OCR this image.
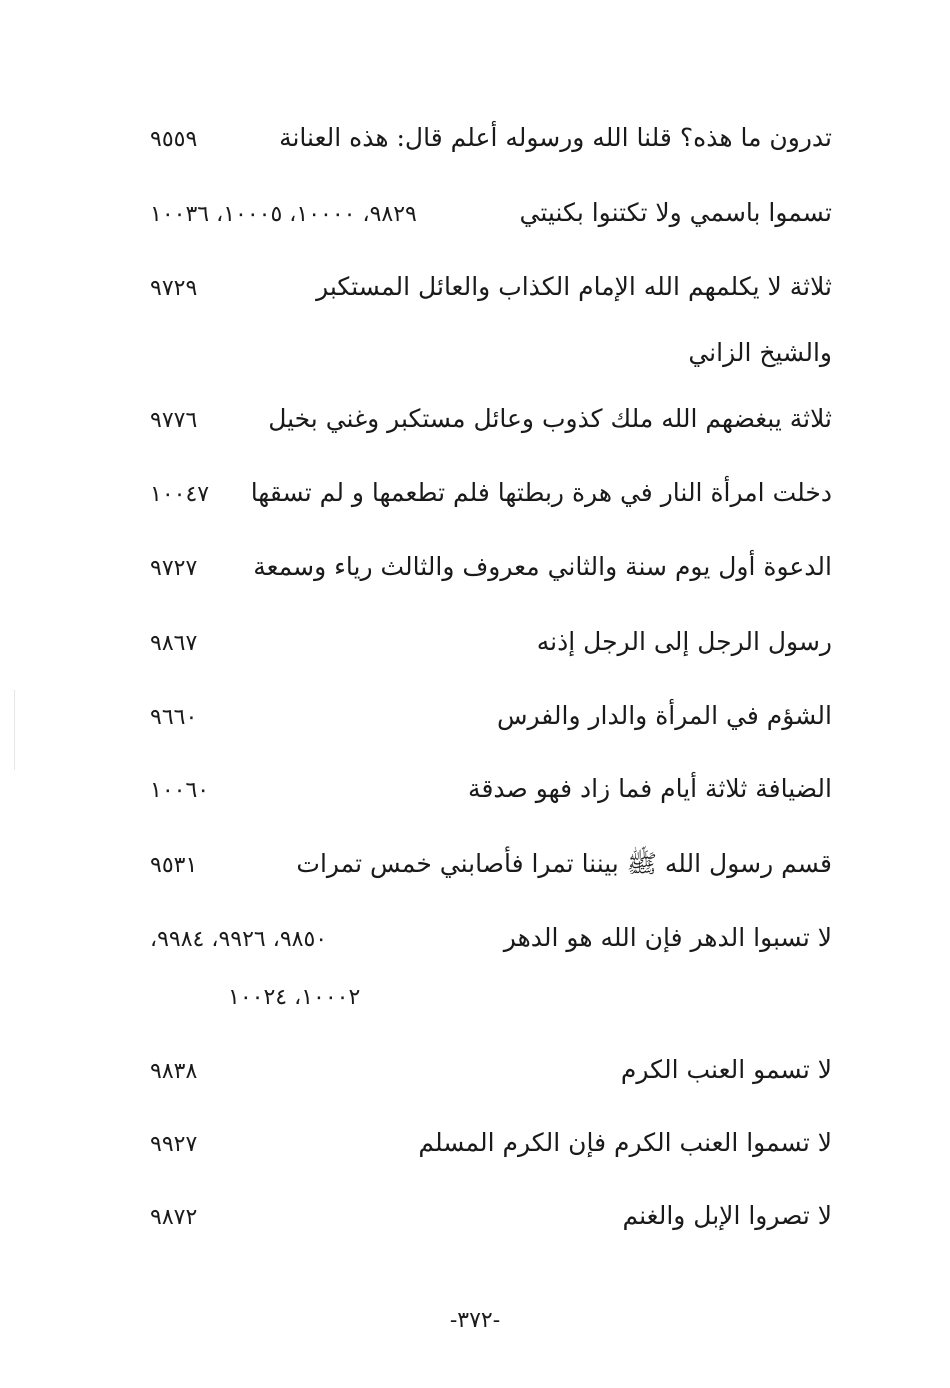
تدرون ما هذه؟ قلنا الله ورسوله أعلم قال: هذه العنانة
٩٥٥٩
تسموا باسمي ولا تكتنوا بكنيتي
٩٨٢٩، ١٠٠٠٠، ١٠٠٠٥، ١٠٠٣٦
ثلاثة لا يكلمهم الله الإمام الكذاب والعائل المستكبر
٩٧٢٩
والشيخ الزاني
ثلاثة يبغضهم الله ملك كذوب وعائل مستكبر وغني بخيل
٩٧٧٦
دخلت امرأة النار في هرة ربطتها فلم تطعمها و لم تسقها
١٠٠٤٧
الدعوة أول يوم سنة والثاني معروف والثالث رياء وسمعة
٩٧٢٧
رسول الرجل إلى الرجل إذنه
٩٨٦٧
الشؤم في المرأة والدار والفرس
٩٦٦٠
الضيافة ثلاثة أيام فما زاد فهو صدقة
١٠٠٦٠
قسم رسول الله ﷺ بيننا تمرا فأصابني خمس تمرات
٩٥٣١
لا تسبوا الدهر فإن الله هو الدهر
٩٨٥٠، ٩٩٢٦، ٩٩٨٤،
١٠٠٠٢، ١٠٠٢٤
لا تسمو العنب الكرم
٩٨٣٨
لا تسموا العنب الكرم فإن الكرم المسلم
٩٩٢٧
لا تصروا الإبل والغنم
٩٨٧٢
-٣٧٢-
